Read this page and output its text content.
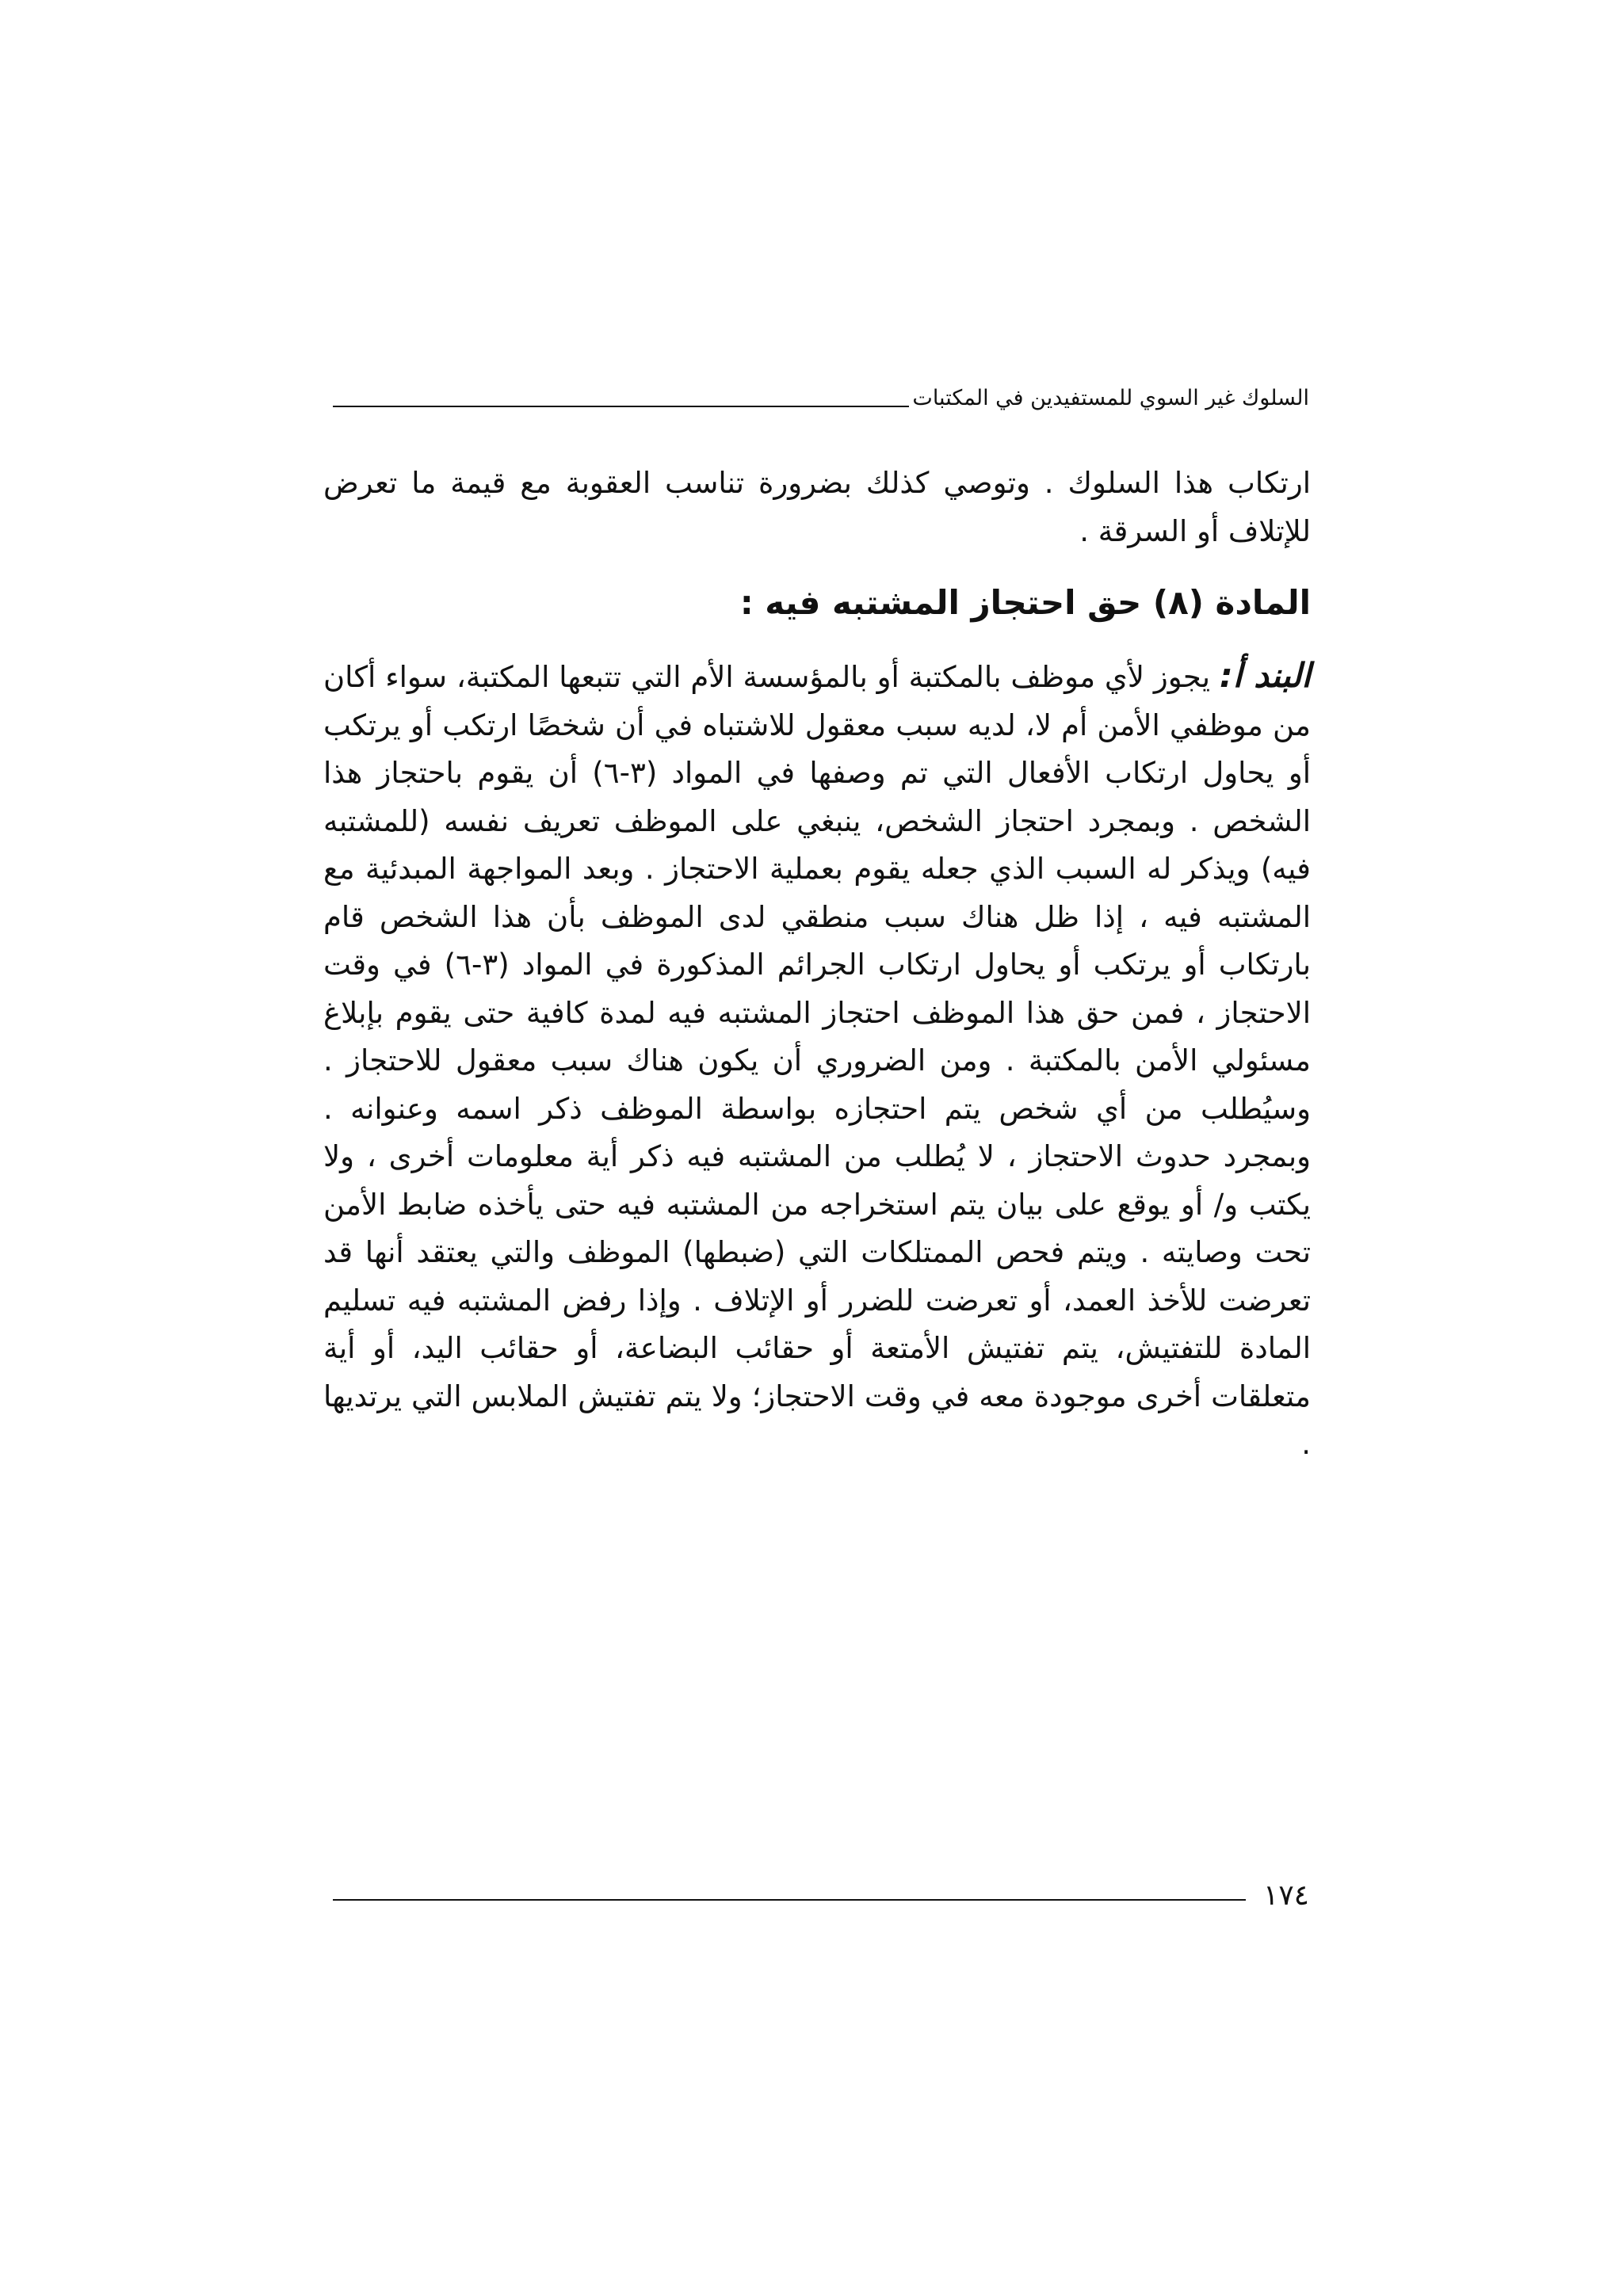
السلوك غير السوي للمستفيدين في المكتبات

ارتكاب هذا السلوك . وتوصي كذلك بضرورة تناسب العقوبة مع قيمة ما تعرض للإتلاف أو السرقة .

المادة (٨) حق احتجاز المشتبه فيه :

البند أ: يجوز لأي موظف بالمكتبة أو بالمؤسسة الأم التي تتبعها المكتبة، سواء أكان من موظفي الأمن أم لا، لديه سبب معقول للاشتباه في أن شخصًا ارتكب أو يرتكب أو يحاول ارتكاب الأفعال التي تم وصفها في المواد (٣-٦) أن يقوم باحتجاز هذا الشخص . وبمجرد احتجاز الشخص، ينبغي على الموظف تعريف نفسه (للمشتبه فيه) ويذكر له السبب الذي جعله يقوم بعملية الاحتجاز . وبعد المواجهة المبدئية مع المشتبه فيه ، إذا ظل هناك سبب منطقي لدى الموظف بأن هذا الشخص قام بارتكاب أو يرتكب أو يحاول ارتكاب الجرائم المذكورة في المواد (٣-٦) في وقت الاحتجاز ، فمن حق هذا الموظف احتجاز المشتبه فيه لمدة كافية حتى يقوم بإبلاغ مسئولي الأمن بالمكتبة . ومن الضروري أن يكون هناك سبب معقول للاحتجاز . وسيُطلب من أي شخص يتم احتجازه بواسطة الموظف ذكر اسمه وعنوانه . وبمجرد حدوث الاحتجاز ، لا يُطلب من المشتبه فيه ذكر أية معلومات أخرى ، ولا يكتب و/ أو يوقع على بيان يتم استخراجه من المشتبه فيه حتى يأخذه ضابط الأمن تحت وصايته . ويتم فحص الممتلكات التي (ضبطها) الموظف والتي يعتقد أنها قد تعرضت للأخذ العمد، أو تعرضت للضرر أو الإتلاف . وإذا رفض المشتبه فيه تسليم المادة للتفتيش، يتم تفتيش الأمتعة أو حقائب البضاعة، أو حقائب اليد، أو أية متعلقات أخرى موجودة معه في وقت الاحتجاز؛ ولا يتم تفتيش الملابس التي يرتديها .

١٧٤
